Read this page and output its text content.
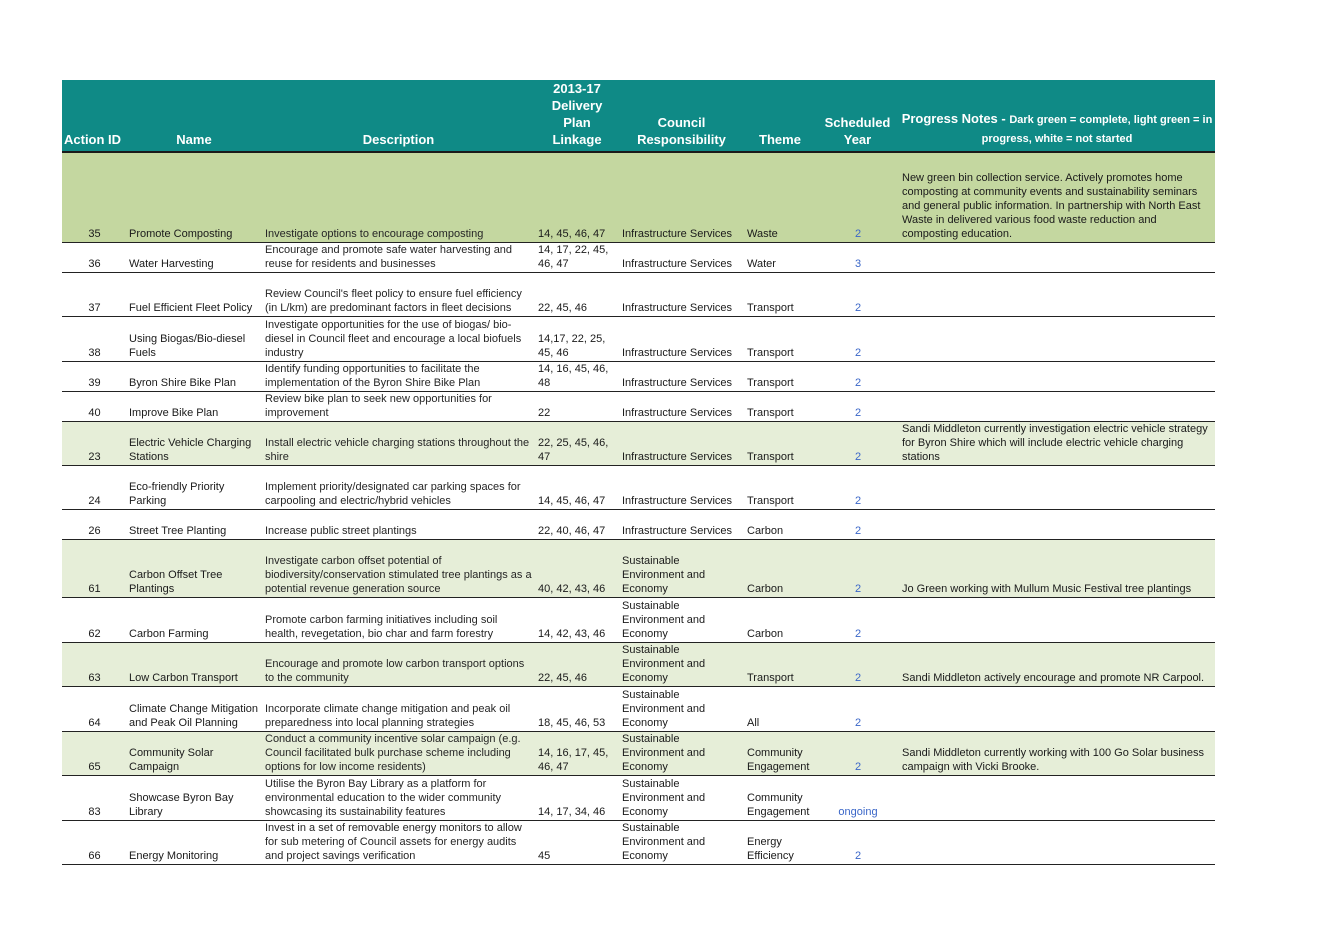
Action ID	Name	Description	2013-17 Delivery Plan Linkage	Council Responsibility	Theme	Scheduled Year	Progress Notes - Dark green = complete, light green = in progress, white = not started
35	Promote Composting	Investigate options to encourage composting	14, 45, 46, 47	Infrastructure Services	Waste	2	New green bin collection service. Actively promotes home composting at community events and sustainability seminars and general public information. In partnership with North East Waste in delivered various food waste reduction and composting education.
36	Water Harvesting	Encourage and promote safe water harvesting and reuse for residents and businesses	14, 17, 22, 45, 46, 47	Infrastructure Services	Water	3	
37	Fuel Efficient Fleet Policy	Review Council's fleet policy to ensure fuel efficiency (in L/km) are predominant factors in fleet decisions	22, 45, 46	Infrastructure Services	Transport	2	
38	Using Biogas/Bio-diesel Fuels	Investigate opportunities for the use of biogas/ bio-diesel in Council fleet and encourage a local biofuels industry	14,17, 22, 25, 45, 46	Infrastructure Services	Transport	2	
39	Byron Shire Bike Plan	Identify funding opportunities to facilitate the implementation of the Byron Shire Bike Plan	14, 16, 45, 46, 48	Infrastructure Services	Transport	2	
40	Improve Bike Plan	Review bike plan to seek new opportunities for improvement	22	Infrastructure Services	Transport	2	
23	Electric Vehicle Charging Stations	Install electric vehicle charging stations throughout the shire	22, 25, 45, 46, 47	Infrastructure Services	Transport	2	Sandi Middleton currently investigation electric vehicle strategy for Byron Shire which will include electric vehicle charging stations
24	Eco-friendly Priority Parking	Implement priority/designated car parking spaces for carpooling and electric/hybrid vehicles	14, 45, 46, 47	Infrastructure Services	Transport	2	
26	Street Tree Planting	Increase public street plantings	22, 40, 46, 47	Infrastructure Services	Carbon	2	
61	Carbon Offset Tree Plantings	Investigate carbon offset potential of biodiversity/conservation stimulated tree plantings as a potential revenue generation source	40, 42, 43, 46	Sustainable Environment and Economy	Carbon	2	Jo Green working with Mullum Music Festival tree plantings
62	Carbon Farming	Promote carbon farming initiatives including soil health, revegetation, bio char and farm forestry	14, 42, 43, 46	Sustainable Environment and Economy	Carbon	2	
63	Low Carbon Transport	Encourage and promote low carbon transport options to the community	22, 45, 46	Sustainable Environment and Economy	Transport	2	Sandi Middleton actively encourage and promote NR Carpool.
64	Climate Change Mitigation and Peak Oil Planning	Incorporate climate change mitigation and peak oil preparedness into local planning strategies	18, 45, 46, 53	Sustainable Environment and Economy	All	2	
65	Community Solar Campaign	Conduct a community incentive solar campaign (e.g. Council facilitated bulk purchase scheme including options for low income residents)	14, 16, 17, 45, 46, 47	Sustainable Environment and Economy	Community Engagement	2	Sandi Middleton currently working with 100 Go Solar business campaign with Vicki Brooke.
83	Showcase Byron Bay Library	Utilise the Byron Bay Library as a platform for environmental education to the wider community showcasing its sustainability features	14, 17, 34, 46	Sustainable Environment and Economy	Community Engagement	ongoing	
66	Energy Monitoring	Invest in a set of removable energy monitors to allow for sub metering of Council assets for energy audits and project savings verification	45	Sustainable Environment and Economy	Energy Efficiency	2	
